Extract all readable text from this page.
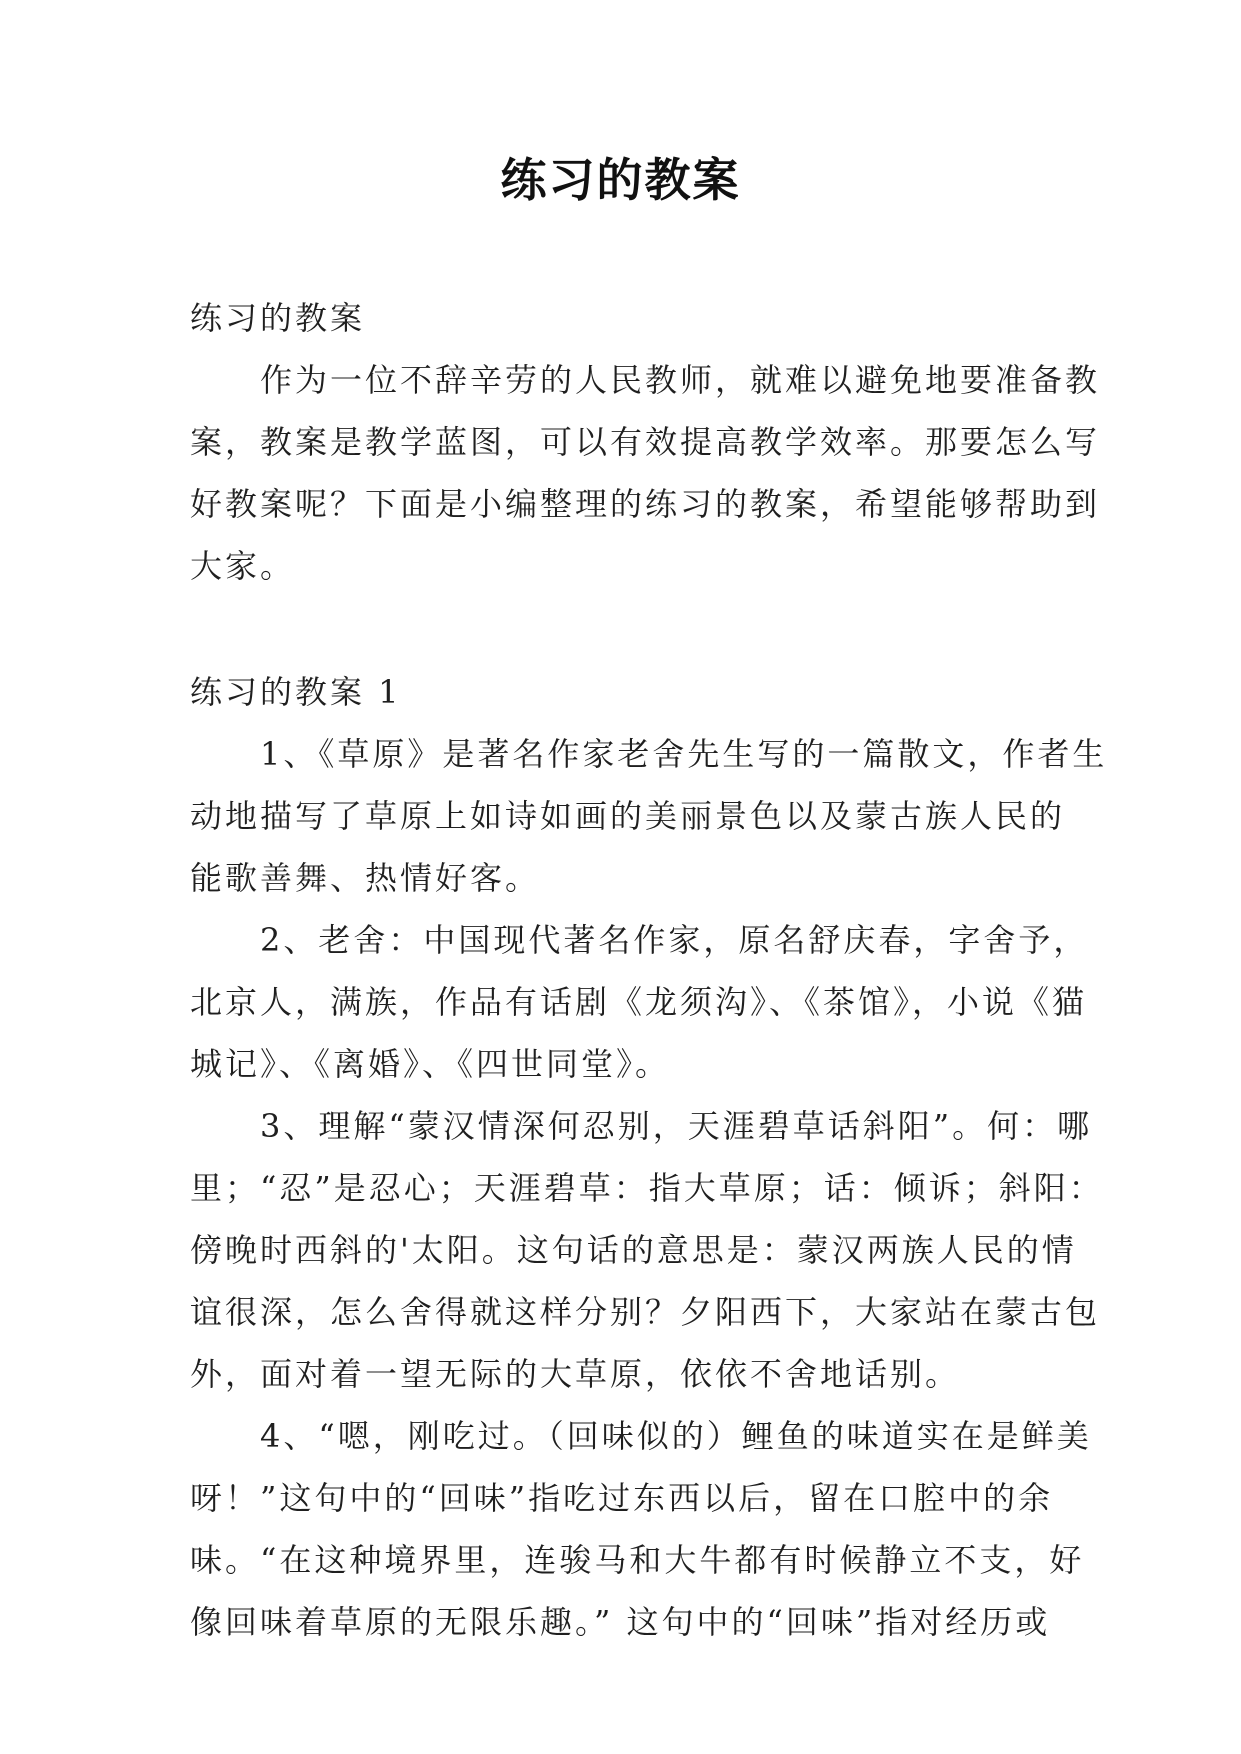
练习的教案

练习的教案

　　作为一位不辞辛劳的人民教师，就难以避免地要准备教

案，教案是教学蓝图，可以有效提高教学效率。那要怎么写

好教案呢？下面是小编整理的练习的教案，希望能够帮助到

大家。

练习的教案 1

　　1、《草原》是著名作家老舍先生写的一篇散文，作者生

动地描写了草原上如诗如画的美丽景色以及蒙古族人民的

能歌善舞、热情好客。

　　2、老舍：中国现代著名作家，原名舒庆春，字舍予，

北京人，满族，作品有话剧《龙须沟》、《茶馆》，小说《猫

城记》、《离婚》、《四世同堂》。

　　3、理解“蒙汉情深何忍别，天涯碧草话斜阳”。何：哪

里；“忍”是忍心；天涯碧草：指大草原；话：倾诉；斜阳：

傍晚时西斜的'太阳。这句话的意思是：蒙汉两族人民的情

谊很深，怎么舍得就这样分别？夕阳西下，大家站在蒙古包

外，面对着一望无际的大草原，依依不舍地话别。

　　4、“嗯，刚吃过。（回味似的）鲤鱼的味道实在是鲜美

呀！”这句中的“回味”指吃过东西以后，留在口腔中的余

味。“在这种境界里，连骏马和大牛都有时候静立不支，好

像回味着草原的无限乐趣。” 这句中的“回味”指对经历或
